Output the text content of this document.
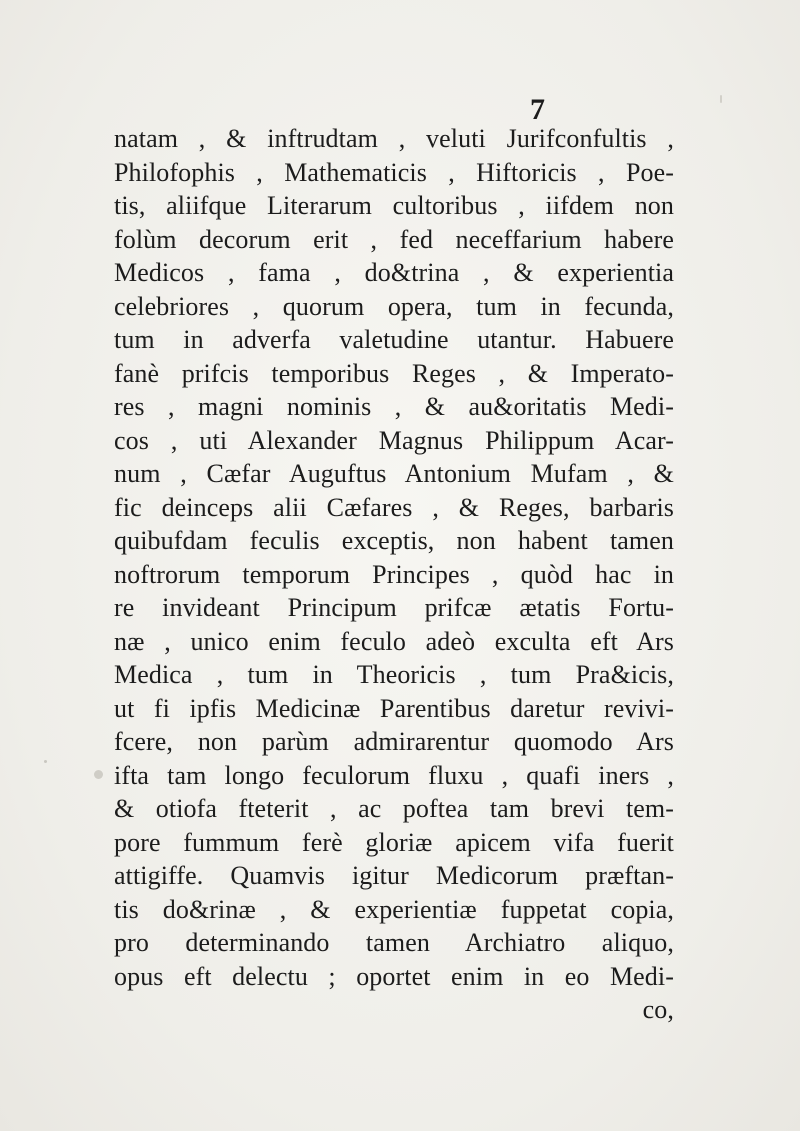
7
natam , & inftrudtam , veluti Jurifconfultis ,
Philofophis , Mathematicis , Hiftoricis , Poe-
tis, aliifque Literarum cultoribus , iifdem non
folùm decorum erit , fed neceffarium habere
Medicos , fama , do&trina , & experientia
celebriores , quorum opera, tum in fecunda,
tum in adverfa valetudine utantur. Habuere
fanè prifcis temporibus Reges , & Imperato-
res , magni nominis , & au&oritatis Medi-
cos , uti Alexander Magnus Philippum Acar-
num , Cæfar Auguftus Antonium Mufam , &
fic deinceps alii Cæfares , & Reges, barbaris
quibufdam feculis exceptis, non habent tamen
noftrorum temporum Principes , quòd hac in
re invideant Principum prifcæ ætatis Fortu-
næ , unico enim feculo adeò exculta eft Ars
Medica , tum in Theoricis , tum Pra&icis,
ut fi ipfis Medicinæ Parentibus daretur revivi-
fcere, non parùm admirarentur quomodo Ars
ifta tam longo feculorum fluxu , quafi iners ,
& otiofa fteterit , ac poftea tam brevi tem-
pore fummum ferè gloriæ apicem vifa fuerit
attigiffe. Quamvis igitur Medicorum præftan-
tis do&rinæ , & experientiæ fuppetat copia,
pro determinando tamen Archiatro aliquo,
opus eft delectu ; oportet enim in eo Medi-
co,
